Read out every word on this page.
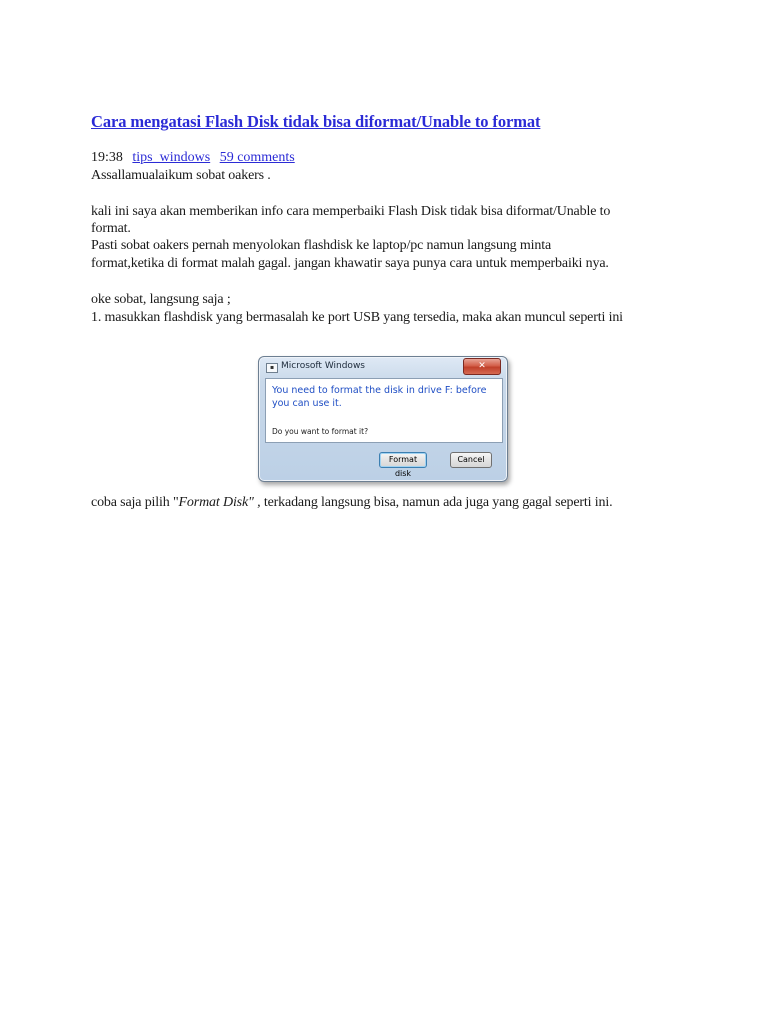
Cara mengatasi Flash Disk tidak bisa diformat/Unable to format
19:38 tips_windows 59 comments
Assallamualaikum sobat oakers .
kali ini saya akan memberikan info cara memperbaiki Flash Disk tidak bisa diformat/Unable to
format.
Pasti sobat oakers pernah menyolokan flashdisk ke laptop/pc namun langsung minta
format,ketika di format malah gagal. jangan khawatir saya punya cara untuk memperbaiki nya.
oke sobat, langsung saja ;
1. masukkan flashdisk yang bermasalah ke port USB yang tersedia, maka akan muncul seperti ini
▪ Microsoft Windows	✕
You need to format the disk in drive F: before you can use it.
Do you want to format it?
Format disk
Cancel
coba saja pilih "Format Disk" , terkadang langsung bisa, namun ada juga yang gagal seperti ini.
